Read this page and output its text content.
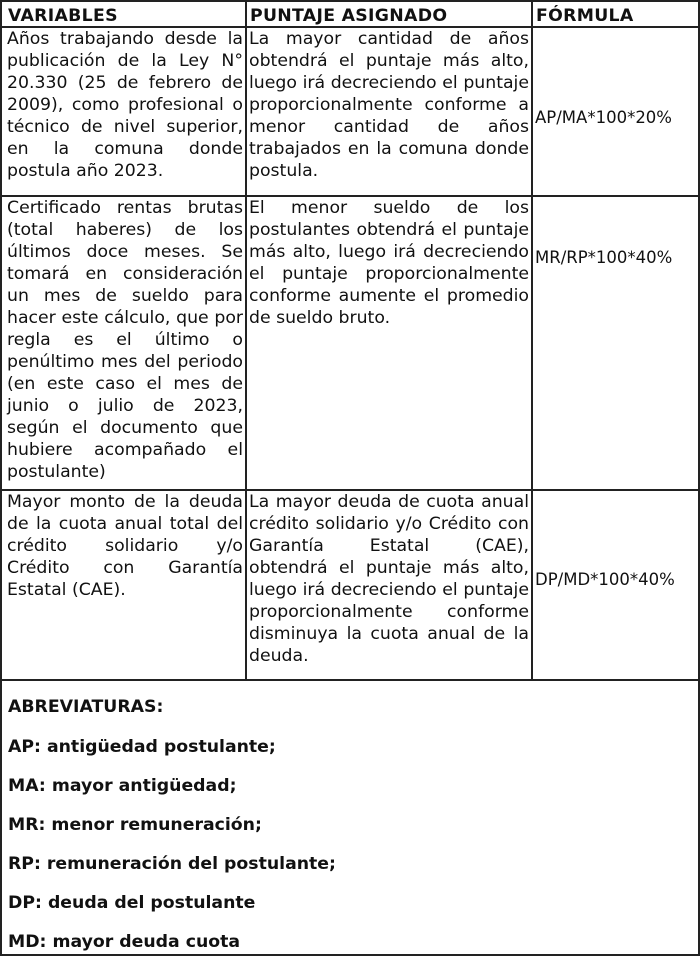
VARIABLES	PUNTAJE ASIGNADO	FÓRMULA
Años trabajando desde la publicación de la Ley N° 20.330 (25 de febrero de 2009), como profesional o técnico de nivel superior, en la comuna donde postula año 2023.
La mayor cantidad de años obtendrá el puntaje más alto, luego irá decreciendo el puntaje proporcionalmente conforme a menor cantidad de años trabajados en la comuna donde postula.
AP/MA*100*20%
Certificado rentas brutas (total haberes) de los últimos doce meses. Se tomará en consideración un mes de sueldo para hacer este cálculo, que por regla es el último o penúltimo mes del periodo (en este caso el mes de junio o julio de 2023, según el documento que hubiere acompañado el postulante)
El menor sueldo de los postulantes obtendrá el puntaje más alto, luego irá decreciendo el puntaje proporcionalmente conforme aumente el promedio de sueldo bruto.
MR/RP*100*40%
Mayor monto de la deuda de la cuota anual total del crédito solidario y/o Crédito con Garantía Estatal (CAE).
La mayor deuda de cuota anual crédito solidario y/o Crédito con Garantía Estatal (CAE), obtendrá el puntaje más alto, luego irá decreciendo el puntaje proporcionalmente conforme disminuya la cuota anual de la deuda.
DP/MD*100*40%
ABREVIATURAS:
AP: antigüedad postulante;
MA: mayor antigüedad;
MR: menor remuneración;
RP: remuneración del postulante;
DP: deuda del postulante
MD: mayor deuda cuota
